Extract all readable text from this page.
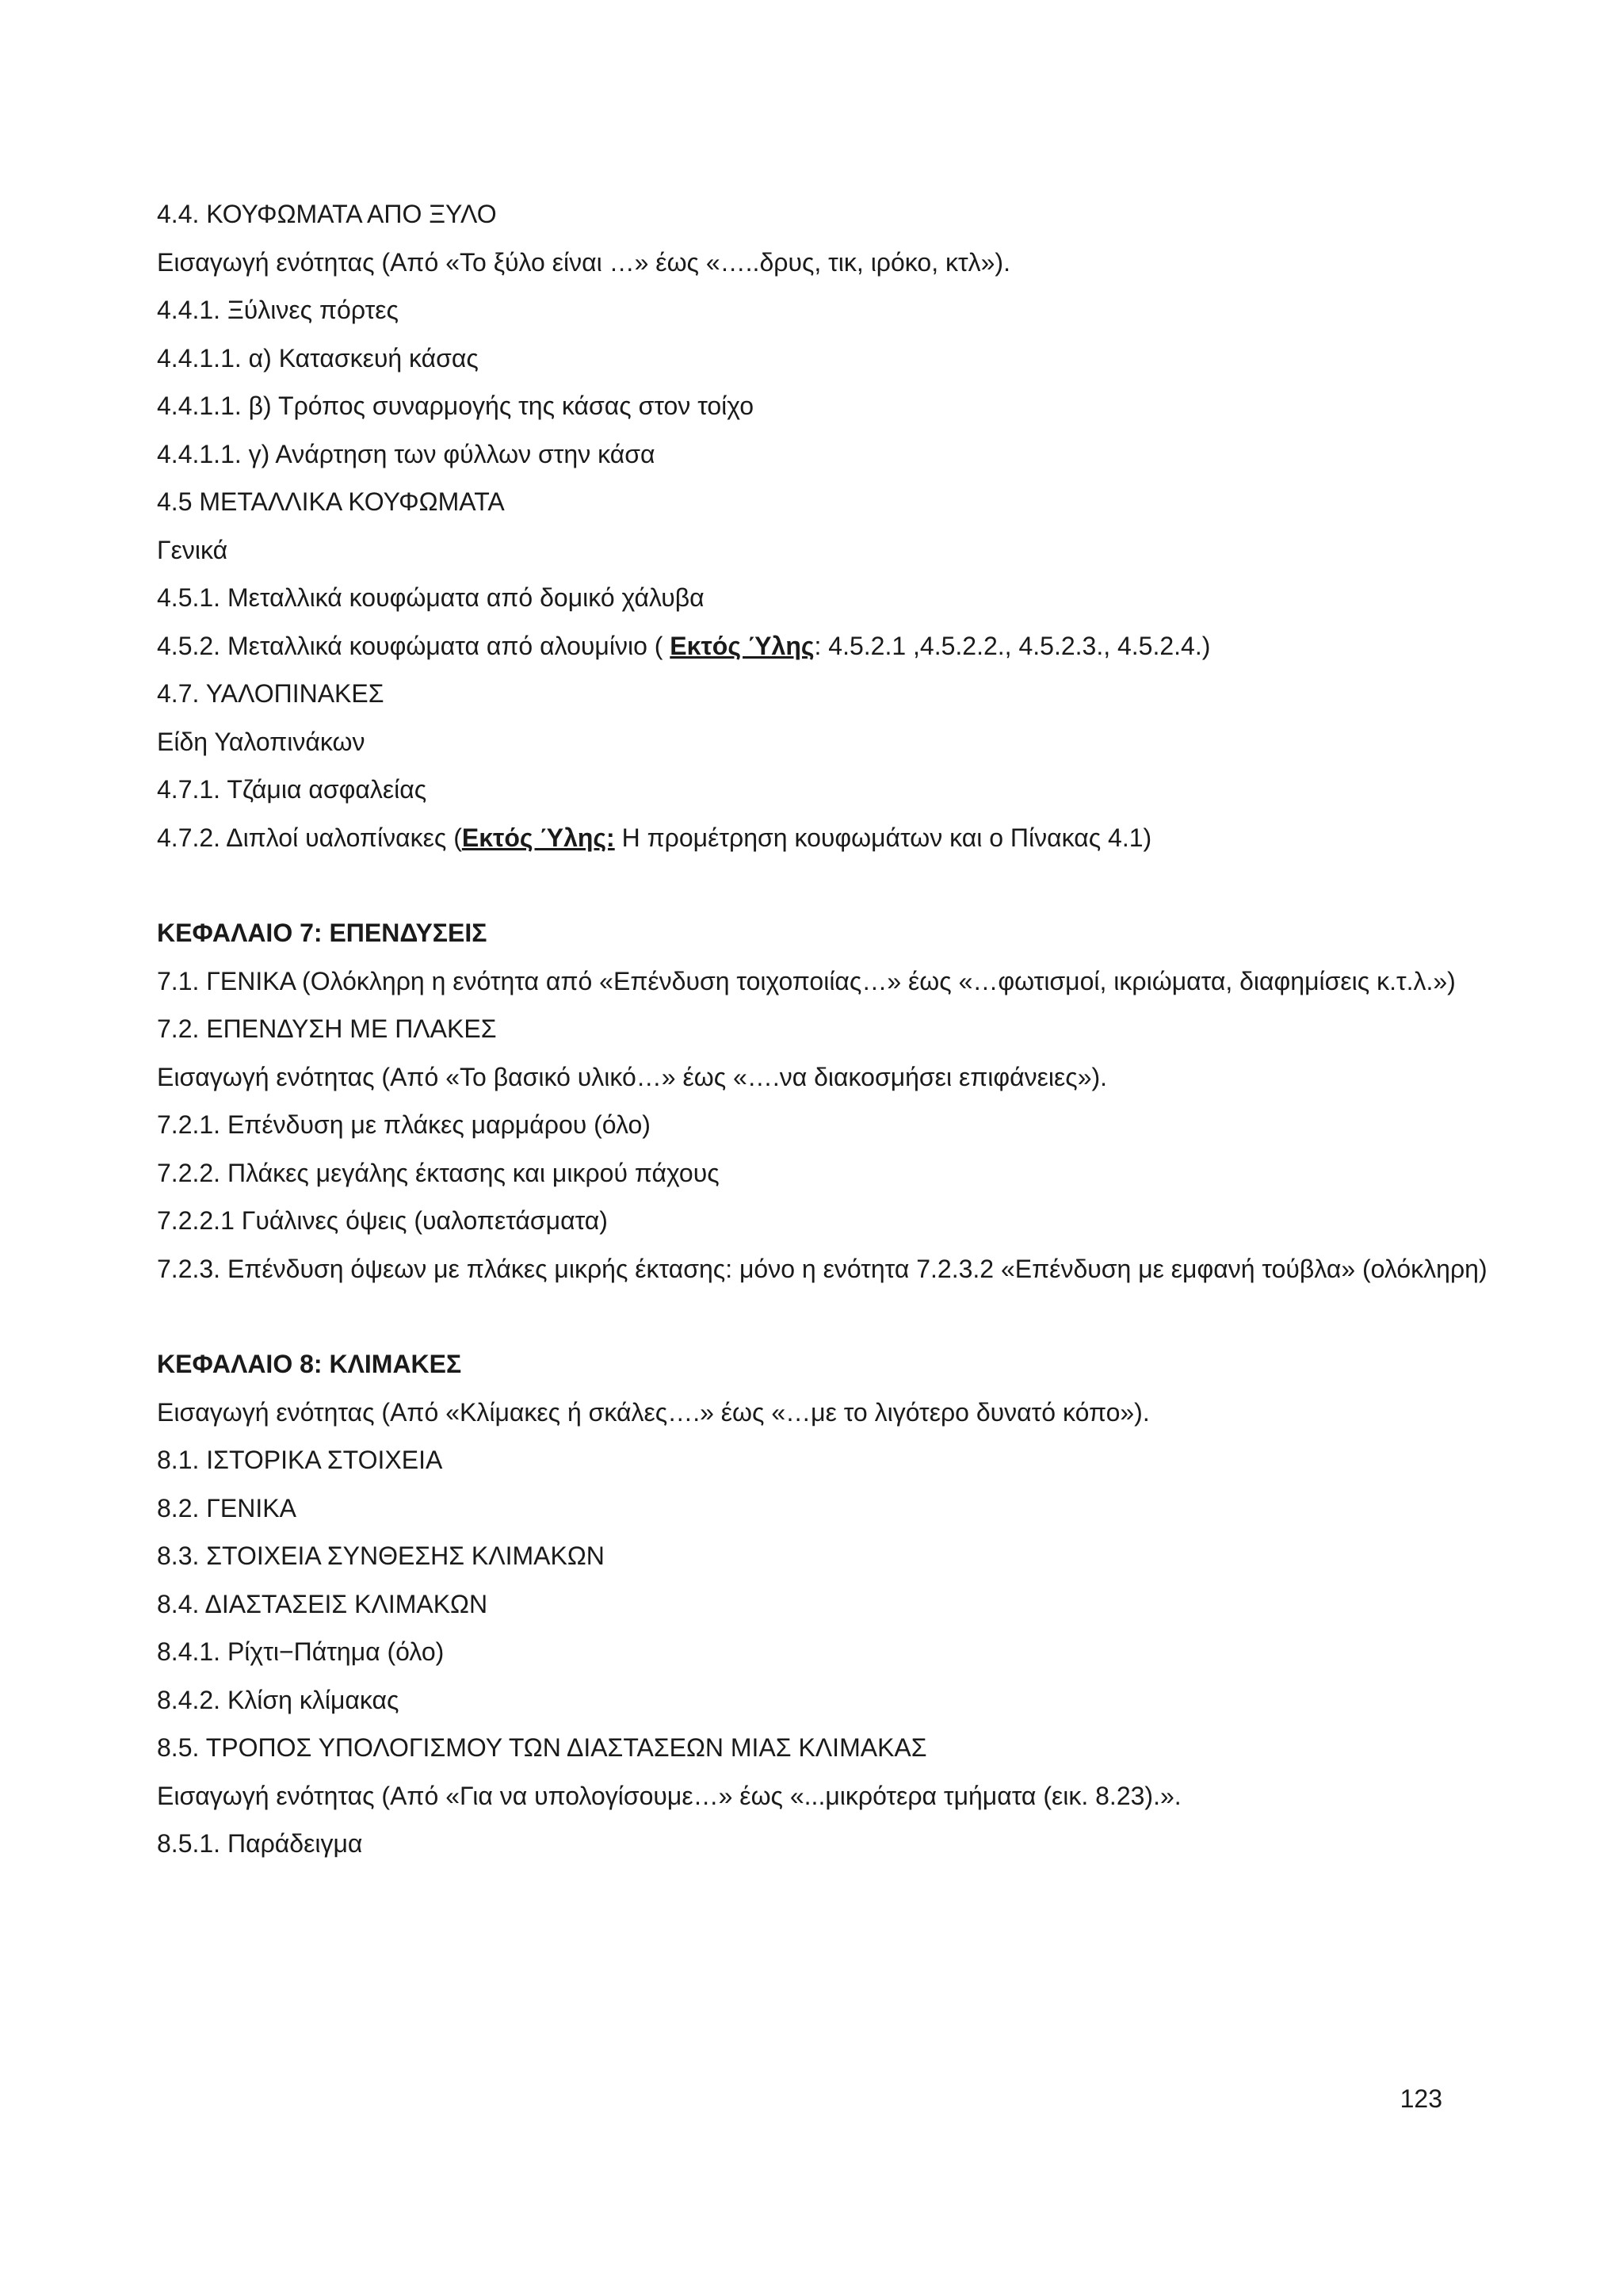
4.4. ΚΟΥΦΩΜΑΤΑ ΑΠΟ ΞΥΛΟ
Εισαγωγή ενότητας (Από «Το ξύλο είναι …» έως «…..δρυς, τικ, ιρόκο, κτλ»).
4.4.1. Ξύλινες πόρτες
4.4.1.1. α) Κατασκευή κάσας
4.4.1.1. β) Τρόπος συναρμογής της κάσας στον τοίχο
4.4.1.1. γ) Ανάρτηση των φύλλων στην κάσα
4.5 ΜΕΤΑΛΛΙΚΑ ΚΟΥΦΩΜΑΤΑ
Γενικά
4.5.1. Μεταλλικά κουφώματα από δομικό χάλυβα
4.5.2. Μεταλλικά κουφώματα από αλουμίνιο ( Εκτός Ύλης: 4.5.2.1 ,4.5.2.2., 4.5.2.3., 4.5.2.4.)
4.7. ΥΑΛΟΠΙΝΑΚΕΣ
Είδη Υαλοπινάκων
4.7.1. Τζάμια ασφαλείας
4.7.2. Διπλοί υαλοπίνακες (Εκτός Ύλης: Η προμέτρηση κουφωμάτων και ο Πίνακας 4.1)
ΚΕΦΑΛΑΙΟ 7: ΕΠΕΝΔΥΣΕΙΣ
7.1. ΓΕΝΙΚΑ (Ολόκληρη η ενότητα από «Επένδυση τοιχοποιίας…» έως «…φωτισμοί, ικριώματα, διαφημίσεις κ.τ.λ.»)
7.2. ΕΠΕΝΔΥΣΗ ΜΕ ΠΛΑΚΕΣ
Εισαγωγή ενότητας (Από «Το βασικό υλικό…» έως «….να διακοσμήσει επιφάνειες»).
7.2.1. Επένδυση με πλάκες μαρμάρου (όλο)
7.2.2. Πλάκες μεγάλης έκτασης και μικρού πάχους
7.2.2.1 Γυάλινες όψεις (υαλοπετάσματα)
7.2.3. Επένδυση όψεων με πλάκες μικρής έκτασης: μόνο η ενότητα 7.2.3.2 «Επένδυση με εμφανή τούβλα» (ολόκληρη)
ΚΕΦΑΛΑΙΟ 8: ΚΛΙΜΑΚΕΣ
Εισαγωγή ενότητας (Από «Κλίμακες ή σκάλες….» έως «…με το λιγότερο δυνατό κόπο»).
8.1. ΙΣΤΟΡΙΚΑ ΣΤΟΙΧΕΙΑ
8.2. ΓΕΝΙΚΑ
8.3. ΣΤΟΙΧΕΙΑ ΣΥΝΘΕΣΗΣ ΚΛΙΜΑΚΩΝ
8.4. ΔΙΑΣΤΑΣΕΙΣ ΚΛΙΜΑΚΩΝ
8.4.1. Ρίχτι−Πάτημα (όλο)
8.4.2. Κλίση κλίμακας
8.5. ΤΡΟΠΟΣ ΥΠΟΛΟΓΙΣΜΟΥ ΤΩΝ ΔΙΑΣΤΑΣΕΩΝ ΜΙΑΣ ΚΛΙΜΑΚΑΣ
Εισαγωγή ενότητας (Από «Για να υπολογίσουμε…» έως «...μικρότερα τμήματα (εικ. 8.23).».
8.5.1. Παράδειγμα
123
